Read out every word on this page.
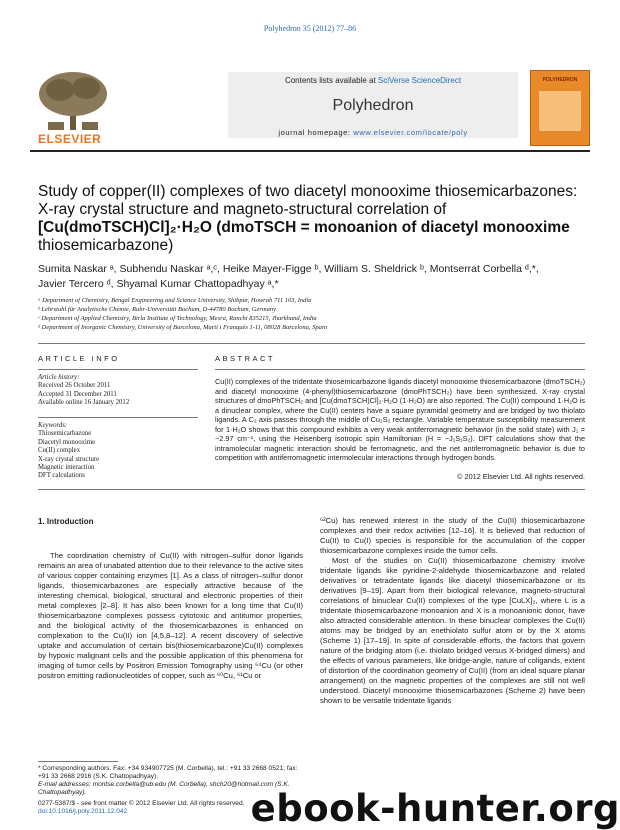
Polyhedron 35 (2012) 77–86
ELSEVIER
Contents lists available at SciVerse ScienceDirect
Polyhedron
journal homepage: www.elsevier.com/locate/poly
POLYHEDRON
Study of copper(II) complexes of two diacetyl monooxime thiosemicarbazones:
X-ray crystal structure and magneto-structural correlation of
[Cu(dmoTSCH)Cl]₂·H₂O (dmoTSCH = monoanion of diacetyl monooxime
thiosemicarbazone)
Sumita Naskar ᵃ, Subhendu Naskar ᵃ,ᶜ, Heike Mayer-Figge ᵇ, William S. Sheldrick ᵇ, Montserrat Corbella ᵈ,*,
Javier Tercero ᵈ, Shyamal Kumar Chattopadhyay ᵃ,*
ᵃ Department of Chemistry, Bengal Engineering and Science University, Shibpur, Howrah 711 103, India
ᵇ Lehrstuhl für Analytische Chemie, Ruhr-Universität Bochum, D-44780 Bochum, Germany
ᶜ Department of Applied Chemistry, Birla Institute of Technology, Mesra, Ranchi 835215, Jharkhand, India
ᵈ Department of Inorganic Chemistry, University of Barcelona, Martí i Franquès 1-11, 08028 Barcelona, Spain
ARTICLE INFO	ABSTRACT
Article history:
Received 26 October 2011
Accepted 31 December 2011
Available online 16 January 2012
Keywords:
Thiosemicarbazone
Diacetyl monooxime
Cu(II) complex
X-ray crystal structure
Magnetic interaction
DFT calculations
Cu(II) complexes of the tridentate thiosemicarbazone ligands diacetyl monooxime thiosemicarbazone (dmoTSCH₂) and diacetyl monooxime (4-phenyl)thiosemicarbazone (dmoPhTSCH₂) have been synthesized. X-ray crystal structures of dmoPhTSCH₂ and [Cu(dmoTSCH)Cl]₂·H₂O (1·H₂O) are also reported. The Cu(II) compound 1·H₂O is a dinuclear complex, where the Cu(II) centers have a square pyramidal geometry and are bridged by two thiolato ligands. A C₂ axis passes through the middle of Cu₂S₂ rectangle. Variable temperature susceptibility measurement for 1·H₂O shows that this compound exhibits a very weak antiferromagnetic behavior (in the solid state) with J₁ = −2.97 cm⁻¹, using the Heisenberg isotropic spin Hamiltonian (H = −J₁S₁S₂). DFT calculations show that the intramolecular magnetic interaction should be ferromagnetic, and the net antiferromagnetic behavior is due to competition with antiferromagnetic intermolecular interactions through hydrogen bonds.
© 2012 Elsevier Ltd. All rights reserved.
1. Introduction

The coordination chemistry of Cu(II) with nitrogen–sulfur donor ligands remains an area of unabated attention due to their relevance to the active sites of various copper containing enzymes [1]. As a class of nitrogen–sulfur donor ligands, thiosemicarbazones are especially attractive because of the interesting chemical, biological, structural and electronic properties of their metal complexes [2–8]. It has also been known for a long time that Cu(II) thiosemicarbazone complexes possess cytotoxic and antitumor properties, and the biological activity of the thiosemicarbazones is enhanced on complexation to the Cu(II) ion [4,5,8–12]. A recent discovery of selective uptake and accumulation of certain bis(thiosemicarbazone)Cu(II) complexes by hypoxic malignant cells and the possible application of this phenomena for imaging of tumor cells by Positron Emission Tomography using ⁶⁴Cu (or other positron emitting radionucleotides of copper, such as ⁶⁰Cu, ⁶¹Cu or

⁶²Cu) has renewed interest in the study of the Cu(II) thiosemicarbazone complexes and their redox activities [12–16]. It is believed that reduction of Cu(II) to Cu(I) species is responsible for the accumulation of the copper thiosemicarbazone complexes inside the tumor cells.

Most of the studies on Cu(II) thiosemicarbazone chemistry involve tridentate ligands like pyridine-2-aldehyde thiosemicarbazone and related derivatives or tetradentate ligands like diacetyl thiosemicarbazone or its derivatives [9–19]. Apart from their biological relevance, magneto-structural correlations of binuclear Cu(II) complexes of the type [CuLX]₂, where L is a tridentate thiosemicarbazone monoanion and X is a monoanionic donor, have also attracted considerable attention. In these binuclear complexes the Cu(II) atoms may be bridged by an enethiolato sulfur atom or by the X atoms (Scheme 1) [17–19]. In spite of considerable efforts, the factors that govern nature of the bridging atom (i.e. thiolato bridged versus X-bridged dimers) and the effects of various parameters, like bridge-angle, nature of coligands, extent of distortion of the coordination geometry of Cu(II) (from an ideal square planar arrangement) on the magnetic properties of the complexes are still not well understood. Diacetyl monooxime thiosemicarbazones (Scheme 2) have been shown to be versatile tridentate ligands

* Corresponding authors. Fax: +34 934907725 (M. Corbella), tel.: +91 33 2668 0521; fax: +91 33 2668 2916 (S.K. Chattopadhyay).
E-mail addresses: montse.corbella@ub.edu (M. Corbella), shch20@hotmail.com (S.K. Chattopadhyay).
0277-5387/$ - see front matter © 2012 Elsevier Ltd. All rights reserved.
doi:10.1016/j.poly.2011.12.042	ebook-hunter.org
